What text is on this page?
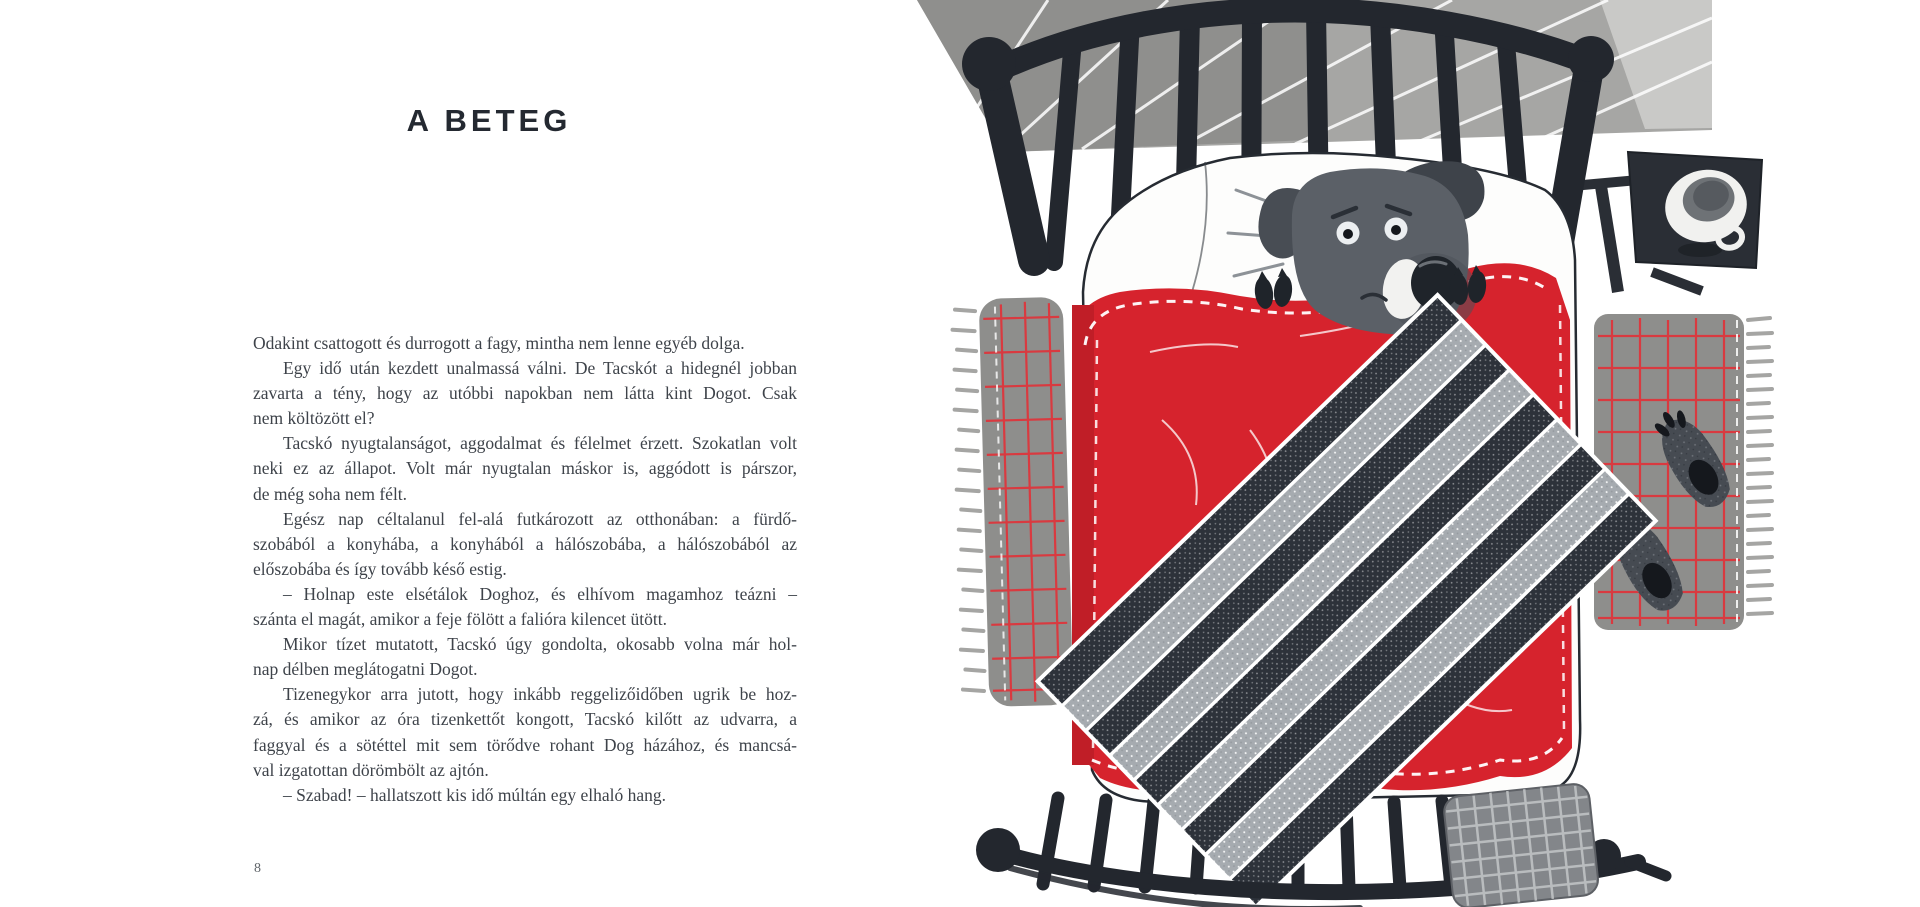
A BETEG
Odakint csattogott és durrogott a fagy, mintha nem lenne egyéb dolga.
Egy idő után kezdett unalmassá válni. De Tacskót a hidegnél jobban
zavarta a tény, hogy az utóbbi napokban nem látta kint Dogot. Csak
nem költözött el?
Tacskó nyugtalanságot, aggodalmat és félelmet érzett. Szokatlan volt
neki ez az állapot. Volt már nyugtalan máskor is, aggódott is párszor,
de még soha nem félt.
Egész nap céltalanul fel-alá futkározott az otthonában: a fürdő-
szobából a konyhába, a konyhából a hálószobába, a hálószobából az
előszobába és így tovább késő estig.
– Holnap este elsétálok Doghoz, és elhívom magamhoz teázni –
szánta el magát, amikor a feje fölött a falióra kilencet ütött.
Mikor tízet mutatott, Tacskó úgy gondolta, okosabb volna már hol-
nap délben meglátogatni Dogot.
Tizenegykor arra jutott, hogy inkább reggelizőidőben ugrik be hoz-
zá, és amikor az óra tizenkettőt kongott, Tacskó kilőtt az udvarra, a
faggyal és a sötéttel mit sem törődve rohant Dog házához, és mancsá-
val izgatottan dörömbölt az ajtón.
– Szabad! – hallatszott kis idő múltán egy elhaló hang.
8
